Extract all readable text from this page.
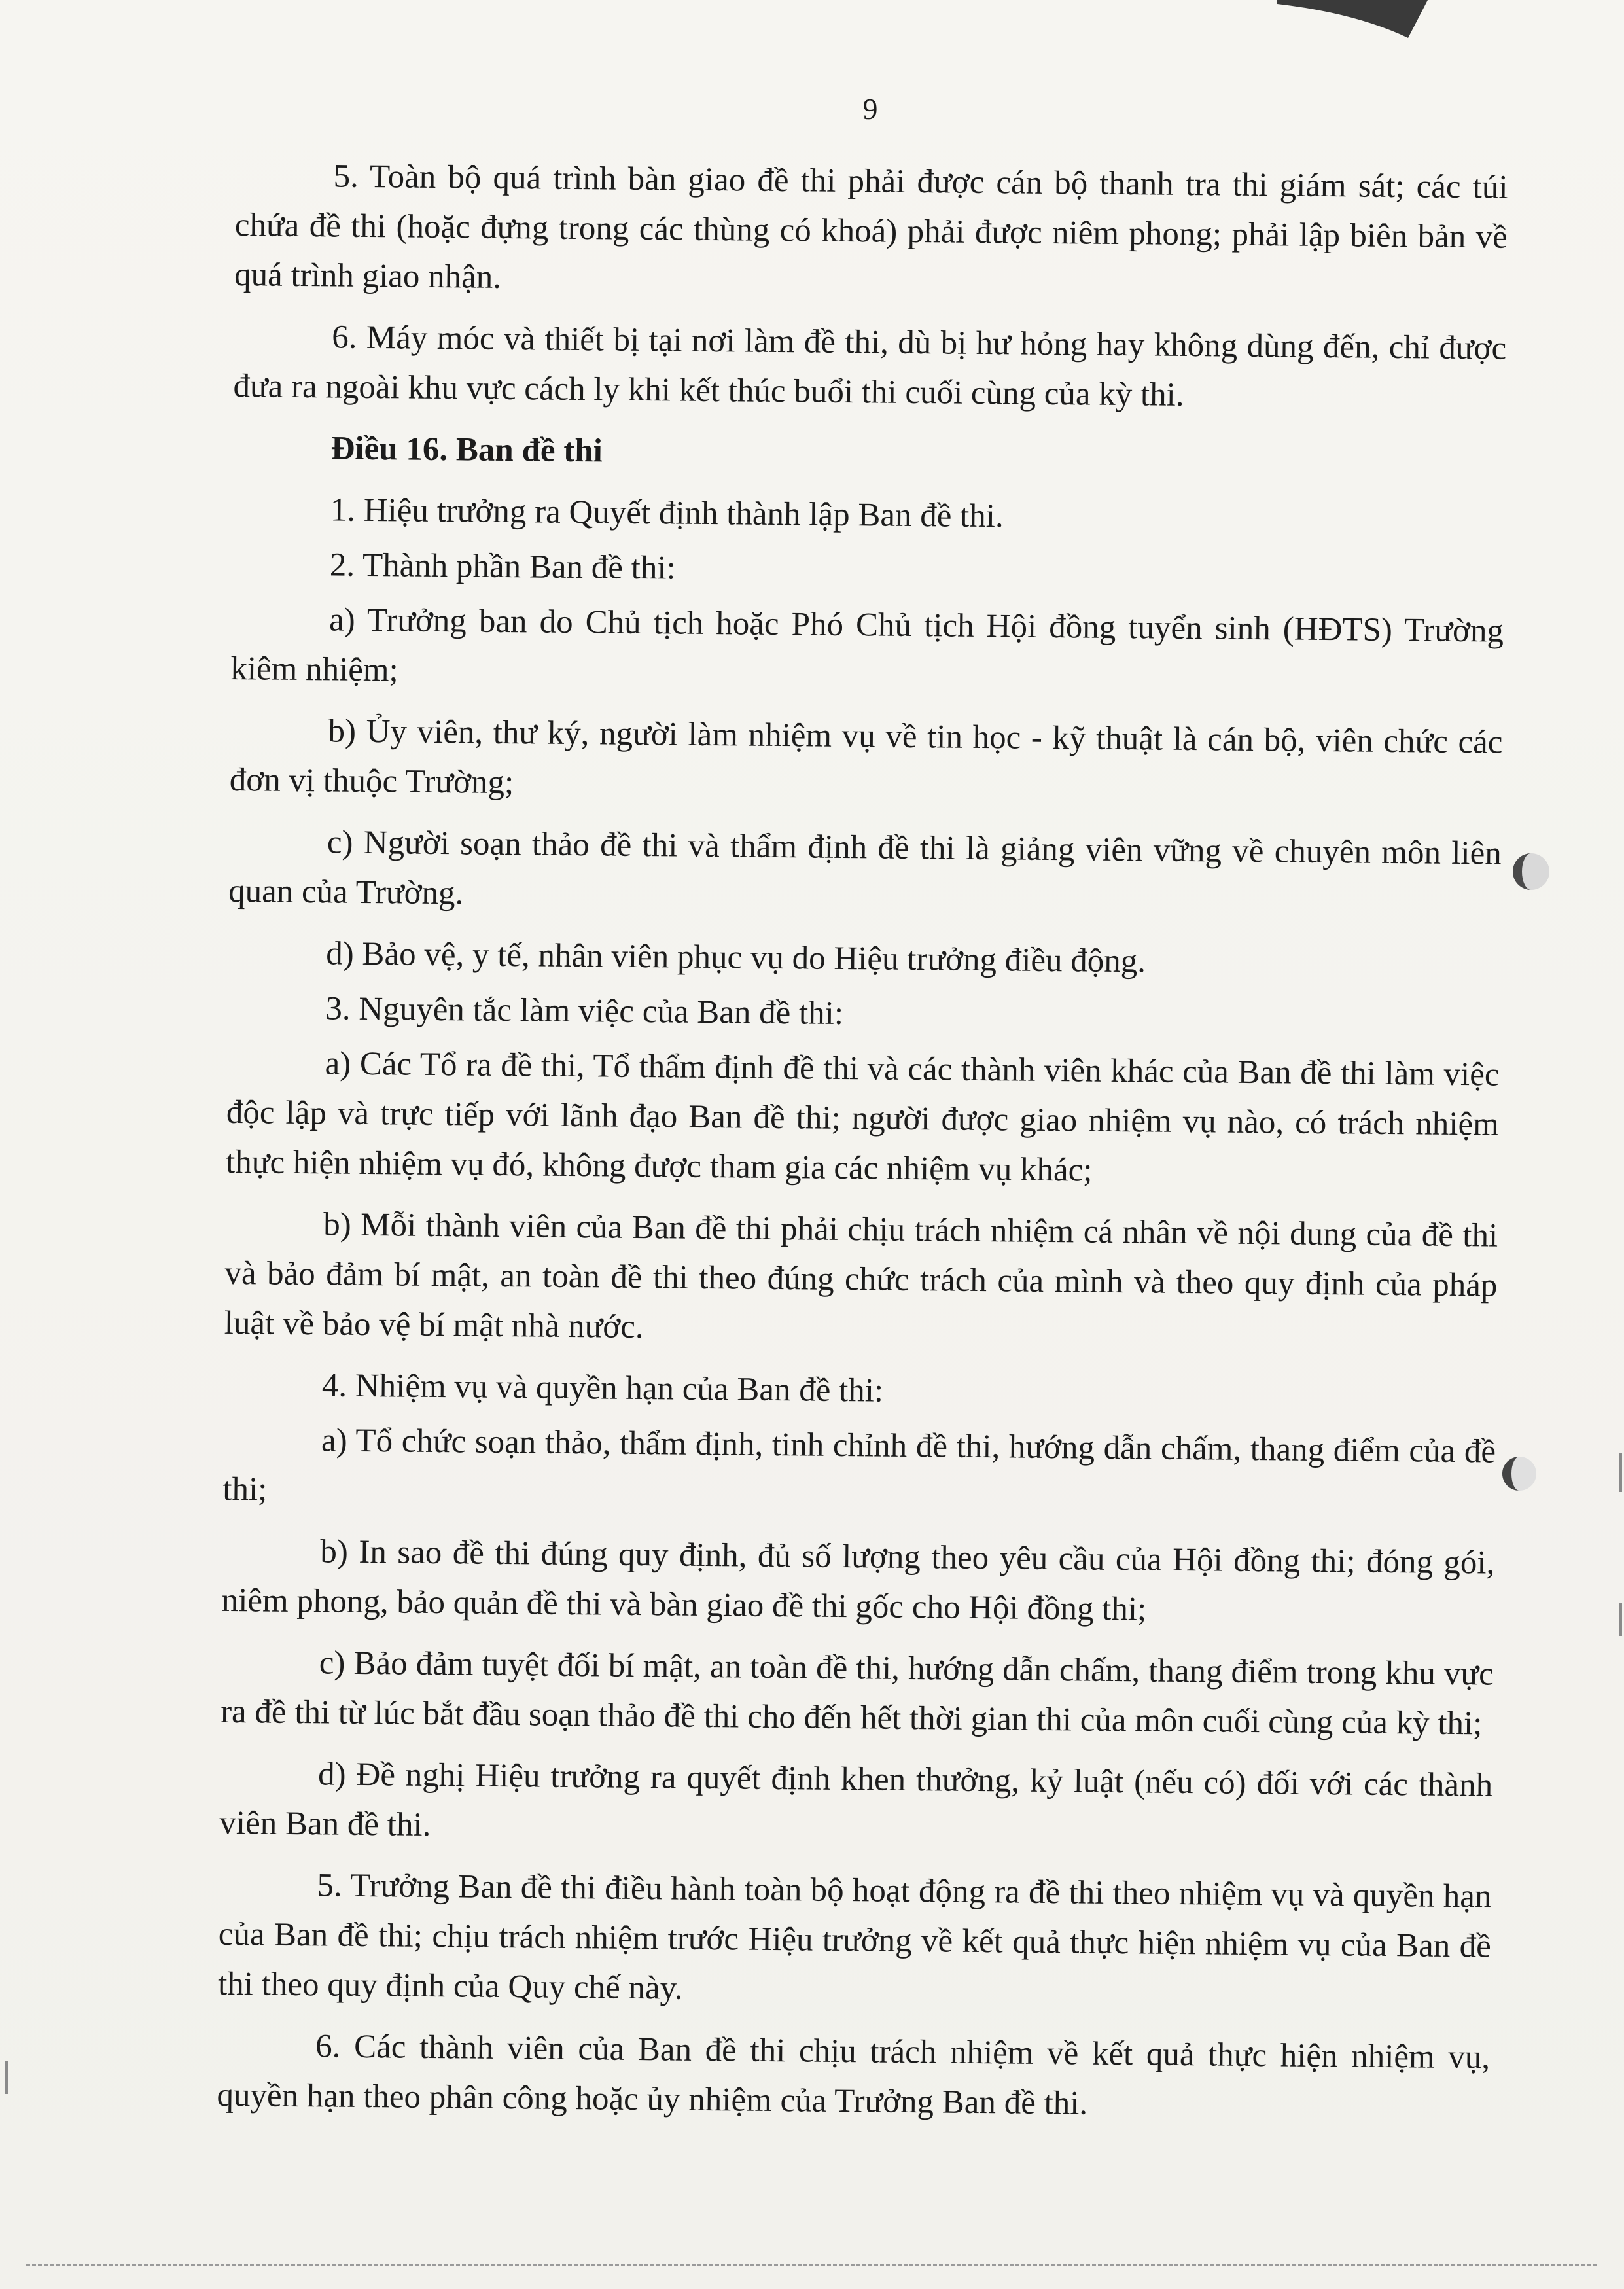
9

5. Toàn bộ quá trình bàn giao đề thi phải được cán bộ thanh tra thi giám sát; các túi chứa đề thi (hoặc đựng trong các thùng có khoá) phải được niêm phong; phải lập biên bản về quá trình giao nhận.

6. Máy móc và thiết bị tại nơi làm đề thi, dù bị hư hỏng hay không dùng đến, chỉ được đưa ra ngoài khu vực cách ly khi kết thúc buổi thi cuối cùng của kỳ thi.

Điều 16. Ban đề thi

1. Hiệu trưởng ra Quyết định thành lập Ban đề thi.

2. Thành phần Ban đề thi:

a) Trưởng ban do Chủ tịch hoặc Phó Chủ tịch Hội đồng tuyển sinh (HĐTS) Trường kiêm nhiệm;

b) Ủy viên, thư ký, người làm nhiệm vụ về tin học - kỹ thuật là cán bộ, viên chức các đơn vị thuộc Trường;

c) Người soạn thảo đề thi và thẩm định đề thi là giảng viên vững về chuyên môn liên quan của Trường.

d) Bảo vệ, y tế, nhân viên phục vụ do Hiệu trưởng điều động.

3. Nguyên tắc làm việc của Ban đề thi:

a) Các Tổ ra đề thi, Tổ thẩm định đề thi và các thành viên khác của Ban đề thi làm việc độc lập và trực tiếp với lãnh đạo Ban đề thi; người được giao nhiệm vụ nào, có trách nhiệm thực hiện nhiệm vụ đó, không được tham gia các nhiệm vụ khác;

b) Mỗi thành viên của Ban đề thi phải chịu trách nhiệm cá nhân về nội dung của đề thi và bảo đảm bí mật, an toàn đề thi theo đúng chức trách của mình và theo quy định của pháp luật về bảo vệ bí mật nhà nước.

4. Nhiệm vụ và quyền hạn của Ban đề thi:

a) Tổ chức soạn thảo, thẩm định, tinh chỉnh đề thi, hướng dẫn chấm, thang điểm của đề thi;

b) In sao đề thi đúng quy định, đủ số lượng theo yêu cầu của Hội đồng thi; đóng gói, niêm phong, bảo quản đề thi và bàn giao đề thi gốc cho Hội đồng thi;

c) Bảo đảm tuyệt đối bí mật, an toàn đề thi, hướng dẫn chấm, thang điểm trong khu vực ra đề thi từ lúc bắt đầu soạn thảo đề thi cho đến hết thời gian thi của môn cuối cùng của kỳ thi;

d) Đề nghị Hiệu trưởng ra quyết định khen thưởng, kỷ luật (nếu có) đối với các thành viên Ban đề thi.

5. Trưởng Ban đề thi điều hành toàn bộ hoạt động ra đề thi theo nhiệm vụ và quyền hạn của Ban đề thi; chịu trách nhiệm trước Hiệu trưởng về kết quả thực hiện nhiệm vụ của Ban đề thi theo quy định của Quy chế này.

6. Các thành viên của Ban đề thi chịu trách nhiệm về kết quả thực hiện nhiệm vụ, quyền hạn theo phân công hoặc ủy nhiệm của Trưởng Ban đề thi.
